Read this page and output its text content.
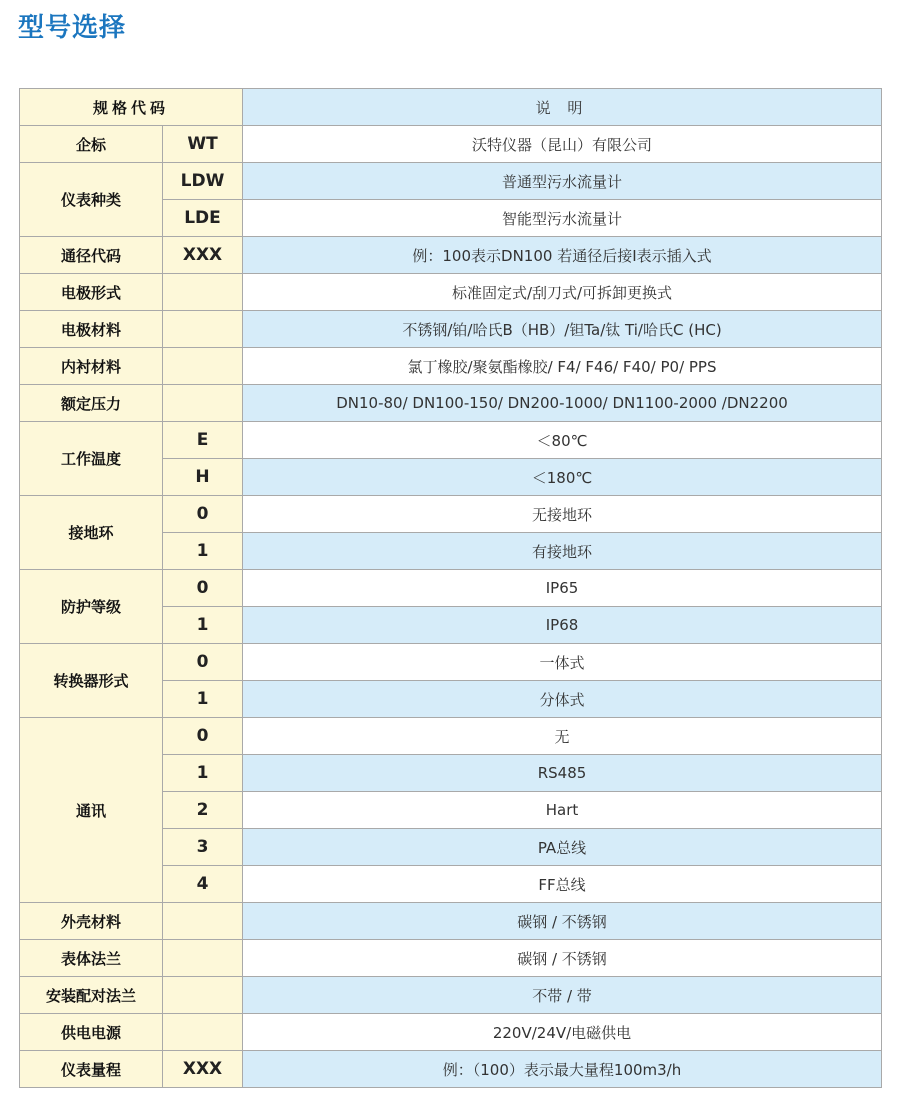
型号选择
规格代码		说 明
企标	WT	沃特仪器（昆山）有限公司
仪表种类	LDW	普通型污水流量计
	LDE	智能型污水流量计
通径代码	XXX	例：100表示DN100 若通径后接I表示插入式
电极形式		标准固定式/刮刀式/可拆卸更换式
电极材料		不锈钢/铂/哈氏B（HB）/钽Ta/钛 Ti/哈氏C (HC)
内衬材料		氯丁橡胶/聚氨酯橡胶/ F4/ F46/ F40/ P0/ PPS
额定压力		DN10-80/ DN100-150/ DN200-1000/ DN1100-2000 /DN2200
工作温度	E	＜80℃
	H	＜180℃
接地环	0	无接地环
	1	有接地环
防护等级	0	IP65
	1	IP68
转换器形式	0	一体式
	1	分体式
通讯	0	无
	1	RS485
	2	Hart
	3	PA总线
	4	FF总线
外壳材料		碳钢 / 不锈钢
表体法兰		碳钢 / 不锈钢
安装配对法兰		不带 / 带
供电电源		220V/24V/电磁供电
仪表量程	XXX	例：（100）表示最大量程100m3/h
